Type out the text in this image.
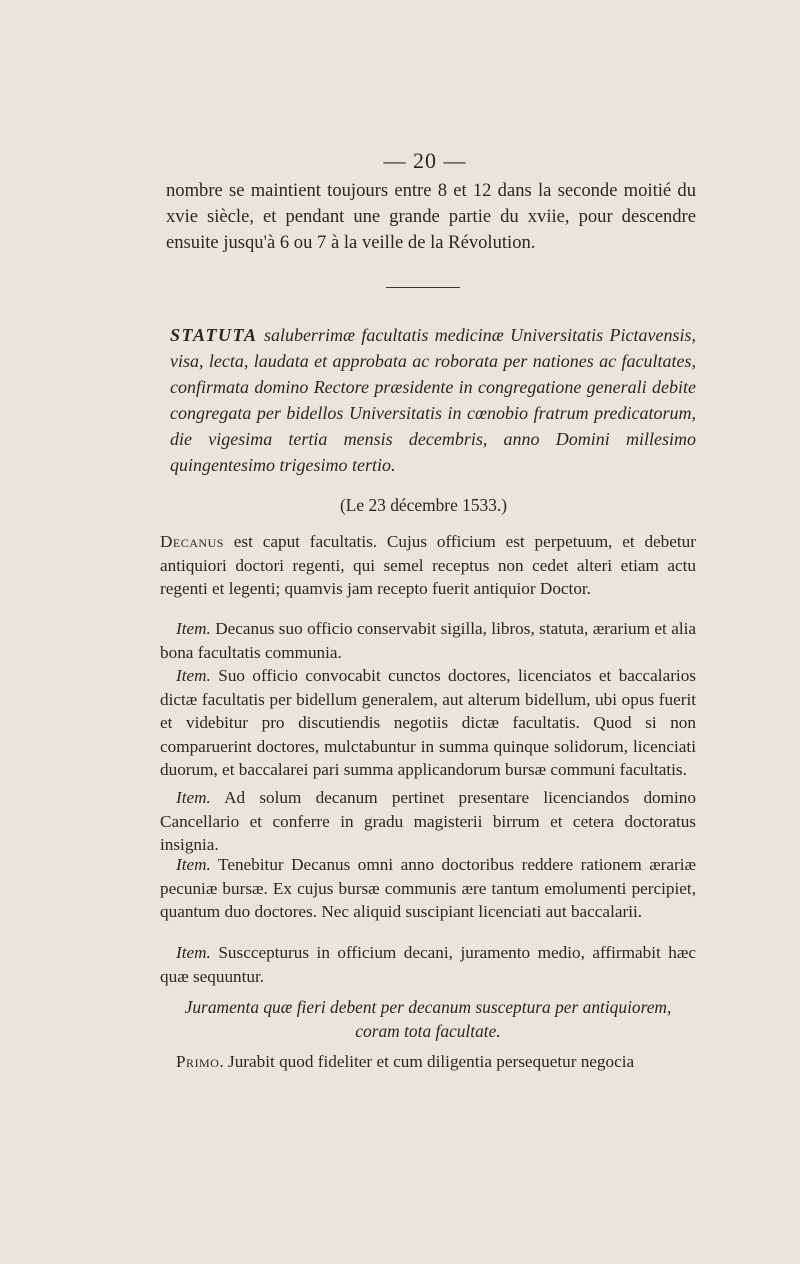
— 20 —
nombre se maintient toujours entre 8 et 12 dans la seconde moitié du xvie siècle, et pendant une grande partie du xviie, pour descendre ensuite jusqu'à 6 ou 7 à la veille de la Révolution.
STATUTA saluberrimæ facultatis medicinæ Universitatis Pictavensis, visa, lecta, laudata et approbata ac roborata per nationes ac facultates, confirmata domino Rectore præsidente in congregatione generali debite congregata per bidellos Universitatis in cœnobio fratrum predicatorum, die vigesima tertia mensis decembris, anno Domini millesimo quingentesimo trigesimo tertio.
(Le 23 décembre 1533.)
Decanus est caput facultatis. Cujus officium est perpetuum, et debetur antiquiori doctori regenti, qui semel receptus non cedet alteri etiam actu regenti et legenti; quamvis jam recepto fuerit antiquior Doctor.
Item. Decanus suo officio conservabit sigilla, libros, statuta, ærarium et alia bona facultatis communia.
Item. Suo officio convocabit cunctos doctores, licenciatos et baccalarios dictæ facultatis per bidellum generalem, aut alterum bidellum, ubi opus fuerit et videbitur pro discutiendis negotiis dictæ facultatis. Quod si non comparuerint doctores, mulctabuntur in summa quinque solidorum, licenciati duorum, et baccalarei pari summa applicandorum bursæ communi facultatis.
Item. Ad solum decanum pertinet presentare licenciandos domino Cancellario et conferre in gradu magisterii birrum et cetera doctoratus insignia.
Item. Tenebitur Decanus omni anno doctoribus reddere rationem ærariæ pecuniæ bursæ. Ex cujus bursæ communis ære tantum emolumenti percipiet, quantum duo doctores. Nec aliquid suscipiant licenciati aut baccalarii.
Item. Susccepturus in officium decani, juramento medio, affirmabit hæc quæ sequuntur.
Juramenta quæ fieri debent per decanum susceptura per antiquiorem,
coram tota facultate.
Primo. Jurabit quod fideliter et cum diligentia persequetur negocia
